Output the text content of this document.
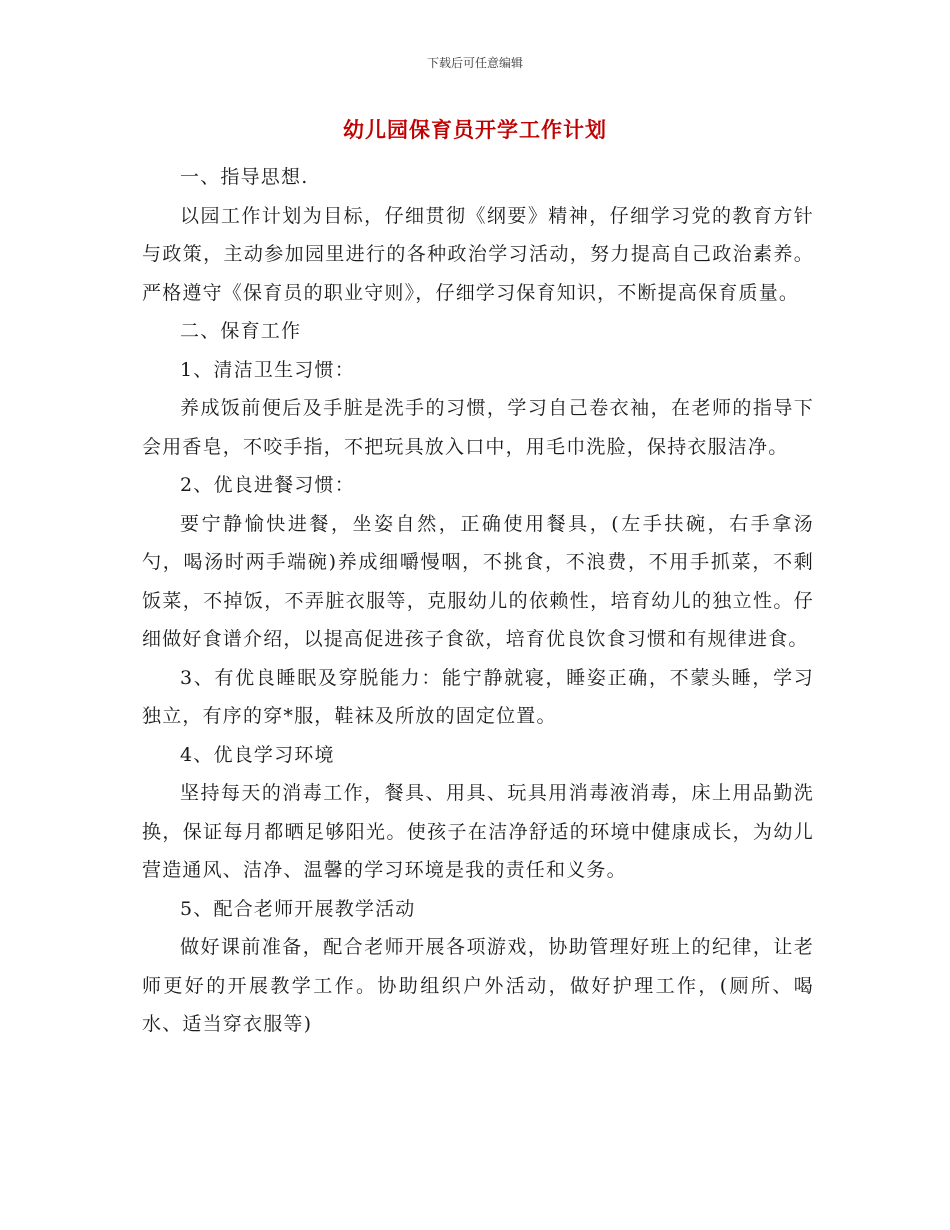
下载后可任意编辑
幼儿园保育员开学工作计划

一、指导思想.

以园工作计划为目标，仔细贯彻《纲要》精神，仔细学习党的教育方针与政策，主动参加园里进行的各种政治学习活动，努力提高自己政治素养。严格遵守《保育员的职业守则》，仔细学习保育知识，不断提高保育质量。

二、保育工作

1、清洁卫生习惯：

养成饭前便后及手脏是洗手的习惯，学习自己卷衣袖，在老师的指导下会用香皂，不咬手指，不把玩具放入口中，用毛巾洗脸，保持衣服洁净。

2、优良进餐习惯：

要宁静愉快进餐，坐姿自然，正确使用餐具，(左手扶碗，右手拿汤勺，喝汤时两手端碗)养成细嚼慢咽，不挑食，不浪费，不用手抓菜，不剩饭菜，不掉饭，不弄脏衣服等，克服幼儿的依赖性，培育幼儿的独立性。仔细做好食谱介绍，以提高促进孩子食欲，培育优良饮食习惯和有规律进食。

3、有优良睡眠及穿脱能力：能宁静就寝，睡姿正确，不蒙头睡，学习独立，有序的穿*服，鞋袜及所放的固定位置。

4、优良学习环境

坚持每天的消毒工作，餐具、用具、玩具用消毒液消毒，床上用品勤洗换，保证每月都晒足够阳光。使孩子在洁净舒适的环境中健康成长，为幼儿营造通风、洁净、温馨的学习环境是我的责任和义务。

5、配合老师开展教学活动

做好课前准备，配合老师开展各项游戏，协助管理好班上的纪律，让老师更好的开展教学工作。协助组织户外活动，做好护理工作，(厕所、喝水、适当穿衣服等)
